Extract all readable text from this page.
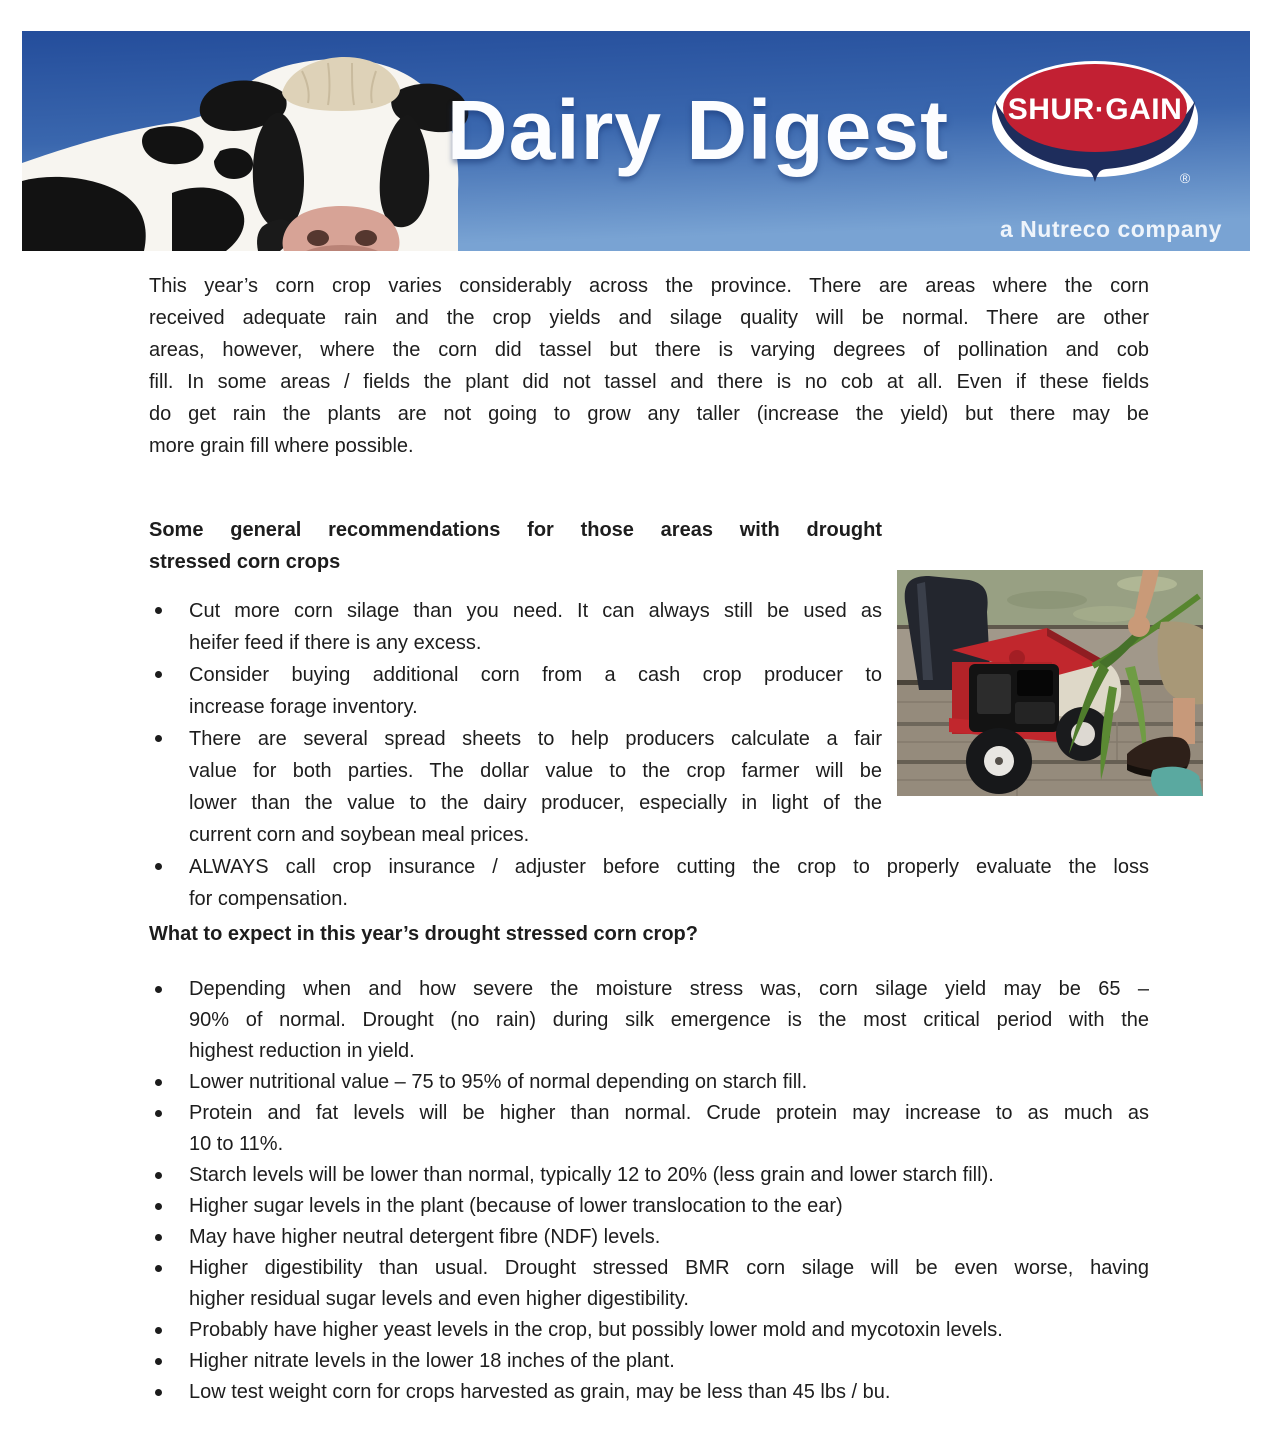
Dairy Digest SHUR·GAIN
®
a Nutreco company
This year’s corn crop varies considerably across the province. There are areas where the corn
received adequate rain and the crop yields and silage quality will be normal. There are other
areas, however, where the corn did tassel but there is varying degrees of pollination and cob
fill. In some areas / fields the plant did not tassel and there is no cob at all. Even if these fields
do get rain the plants are not going to grow any taller (increase the yield) but there may be
more grain fill where possible.
Some general recommendations for those areas with drought
stressed corn crops
Cut more corn silage than you need. It can always still be used as
heifer feed if there is any excess.
Consider buying additional corn from a cash crop producer to
increase forage inventory.
There are several spread sheets to help producers calculate a fair
value for both parties. The dollar value to the crop farmer will be
lower than the value to the dairy producer, especially in light of the
current corn and soybean meal prices.
ALWAYS call crop insurance / adjuster before cutting the crop to properly evaluate the loss
for compensation.
What to expect in this year’s drought stressed corn crop?
Depending when and how severe the moisture stress was, corn silage yield may be 65 –
90% of normal. Drought (no rain) during silk emergence is the most critical period with the
highest reduction in yield.
Lower nutritional value – 75 to 95% of normal depending on starch fill.
Protein and fat levels will be higher than normal. Crude protein may increase to as much as
10 to 11%.
Starch levels will be lower than normal, typically 12 to 20% (less grain and lower starch fill).
Higher sugar levels in the plant (because of lower translocation to the ear)
May have higher neutral detergent fibre (NDF) levels.
Higher digestibility than usual. Drought stressed BMR corn silage will be even worse, having
higher residual sugar levels and even higher digestibility.
Probably have higher yeast levels in the crop, but possibly lower mold and mycotoxin levels.
Higher nitrate levels in the lower 18 inches of the plant.
Low test weight corn for crops harvested as grain, may be less than 45 lbs / bu.
